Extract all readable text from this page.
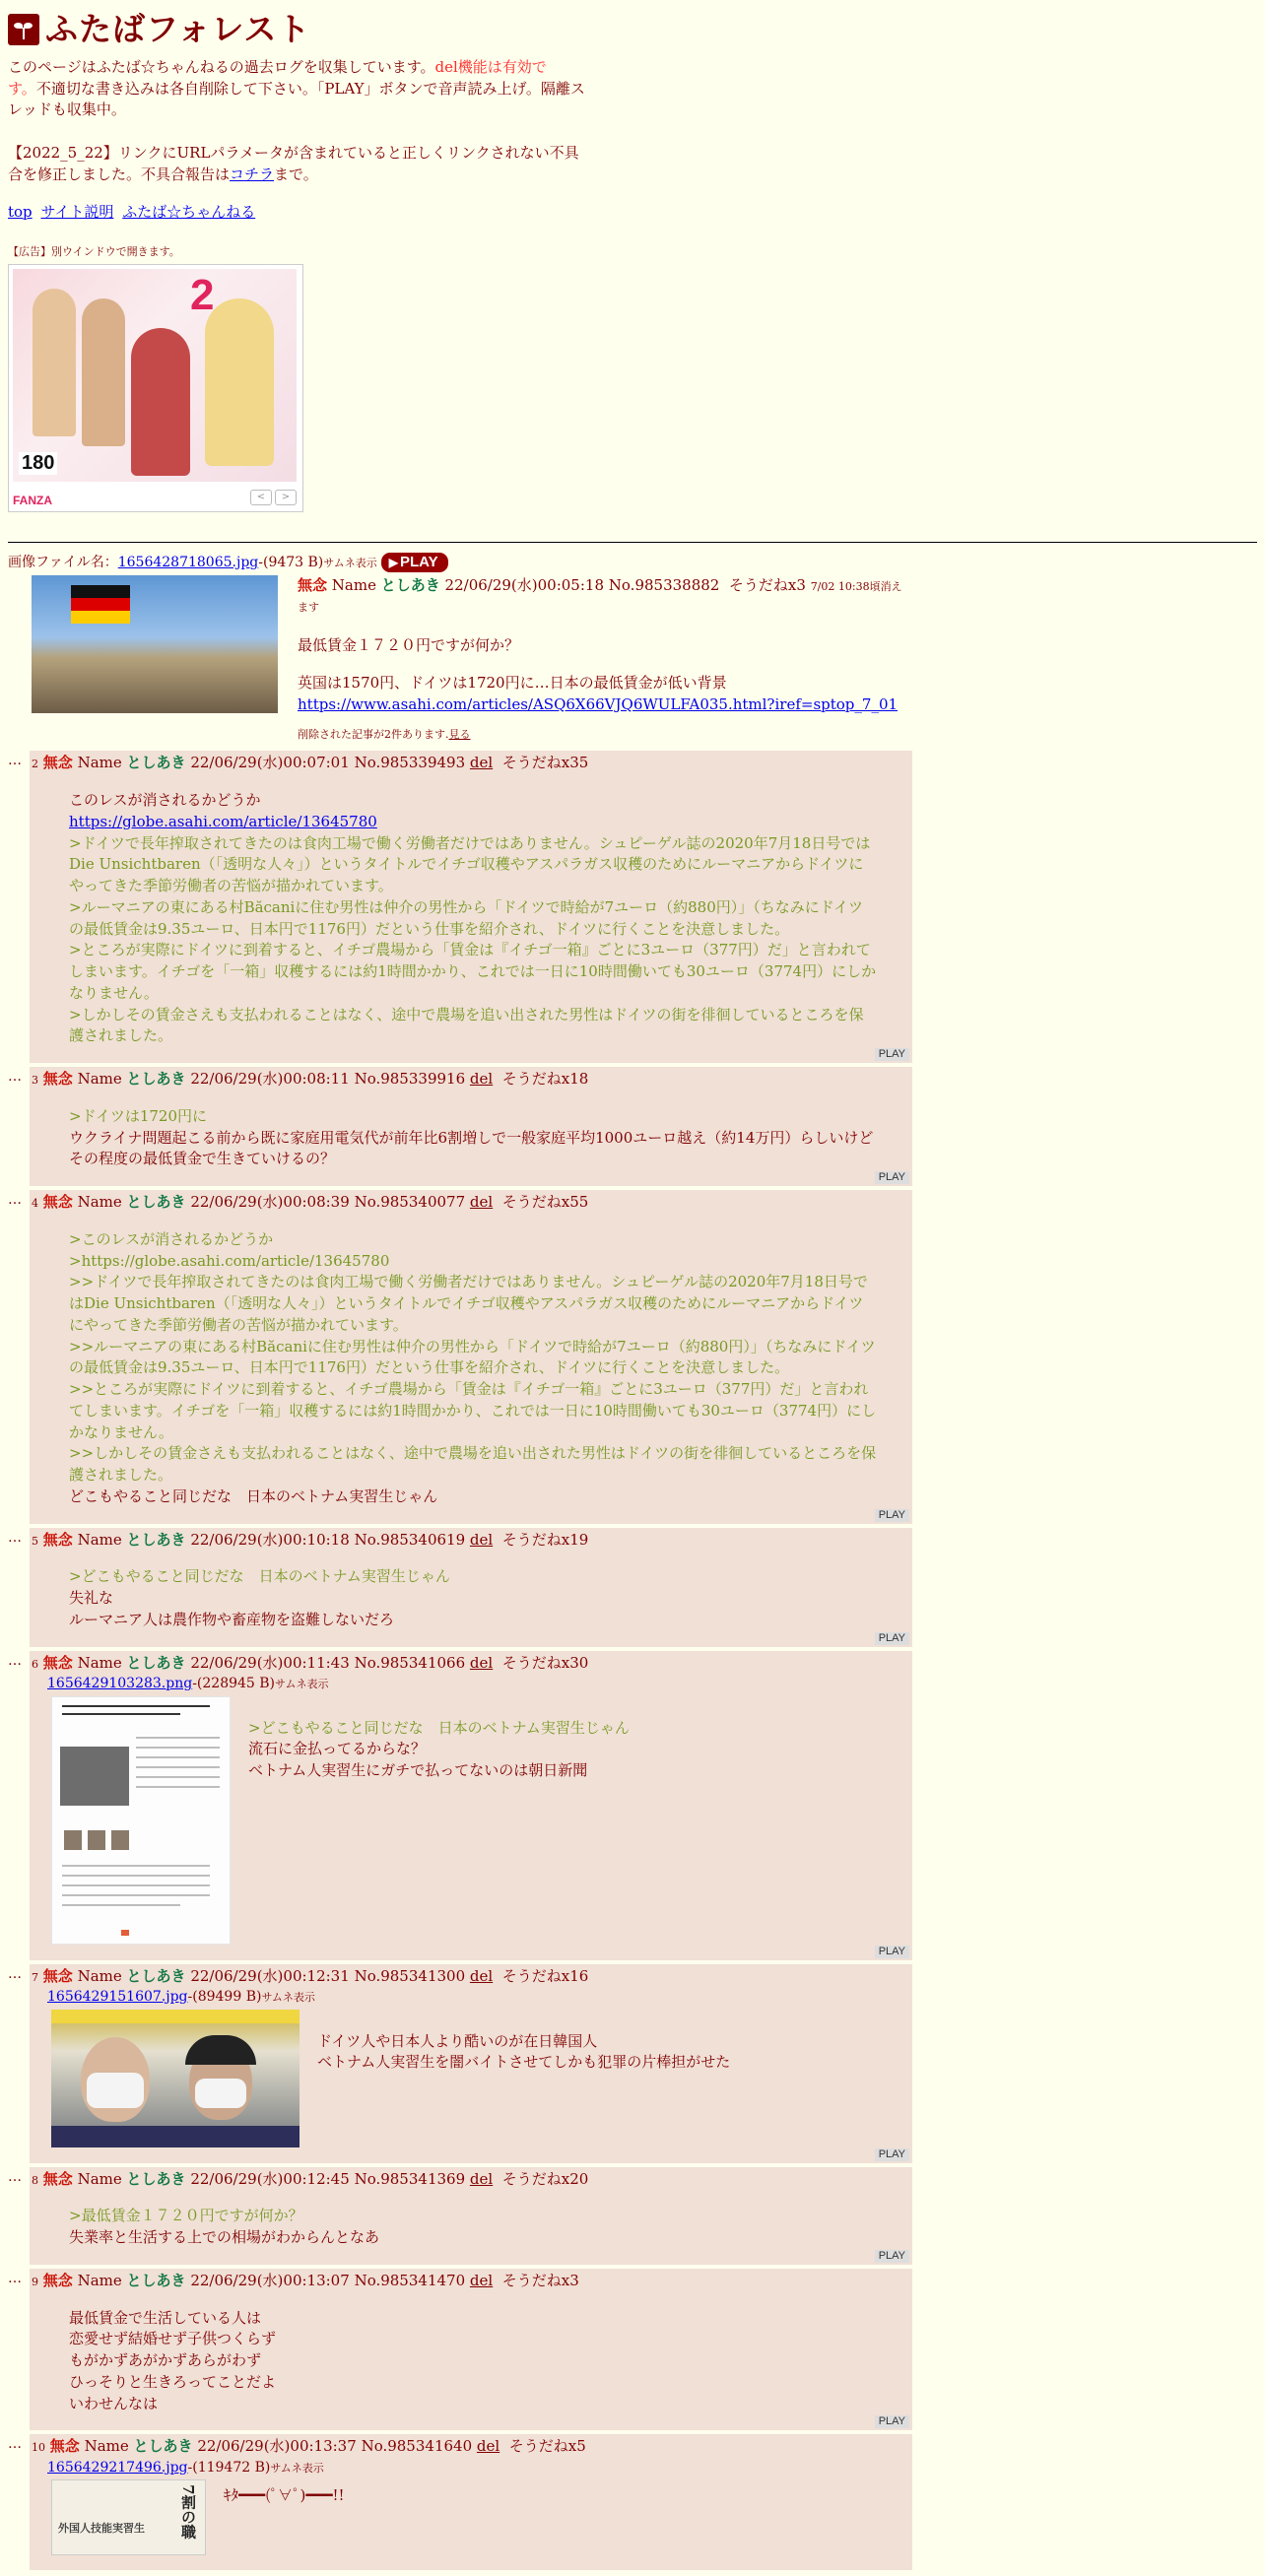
ふたばフォレスト
このページはふたば☆ちゃんねるの過去ログを収集しています。del機能は有効で
す。不適切な書き込みは各自削除して下さい。「PLAY」ボタンで音声読み上げ。隔離スレッドも収集中。
【2022_5_22】リンクにURLパラメータが含まれていると正しくリンクされない不具合を修正しました。不具合報告はコチラまで。
top サイト説明 ふたば☆ちゃんねる
【広告】別ウインドウで開きます。
2
180
FANZA	<	>
画像ファイル名：1656428718065.jpg-(9473 B)サムネ表示▶ PLAY
無念 Name としあき 22/06/29(水)00:05:18 No.985338882 そうだねx3 7/02 10:38頃消えます
最低賃金１７２０円ですが何か？
英国は1570円、ドイツは1720円に…日本の最低賃金が低い背景
https://www.asahi.com/articles/ASQ6X66VJQ6WULFA035.html?iref=sptop_7_01
削除された記事が2件あります.見る
… 2 無念 Name としあき 22/06/29(水)00:07:01 No.985339493 del そうだねx35
このレスが消されるかどうか
https://globe.asahi.com/article/13645780
>ドイツで長年搾取されてきたのは食肉工場で働く労働者だけではありません。シュピーゲル誌の2020年7月18日号ではDie Unsichtbaren（「透明な人々」）というタイトルでイチゴ収穫やアスパラガス収穫のためにルーマニアからドイツにやってきた季節労働者の苦悩が描かれています。
>ルーマニアの東にある村Băcaniに住む男性は仲介の男性から「ドイツで時給が7ユーロ（約880円）」（ちなみにドイツの最低賃金は9.35ユーロ、日本円で1176円）だという仕事を紹介され、ドイツに行くことを決意しました。
>ところが実際にドイツに到着すると、イチゴ農場から「賃金は『イチゴ一箱』ごとに3ユーロ（377円）だ」と言われてしまいます。イチゴを「一箱」収穫するには約1時間かかり、これでは一日に10時間働いても30ユーロ（3774円）にしかなりません。
>しかしその賃金さえも支払われることはなく、途中で農場を追い出された男性はドイツの街を徘徊しているところを保護されました。
PLAY
… 3 無念 Name としあき 22/06/29(水)00:08:11 No.985339916 del そうだねx18
>ドイツは1720円に
ウクライナ問題起こる前から既に家庭用電気代が前年比6割増しで一般家庭平均1000ユーロ越え（約14万円）らしいけどその程度の最低賃金で生きていけるの？
PLAY
… 4 無念 Name としあき 22/06/29(水)00:08:39 No.985340077 del そうだねx55
>このレスが消されるかどうか
>https://globe.asahi.com/article/13645780
>>ドイツで長年搾取されてきたのは食肉工場で働く労働者だけではありません。シュピーゲル誌の2020年7月18日号ではDie Unsichtbaren（「透明な人々」）というタイトルでイチゴ収穫やアスパラガス収穫のためにルーマニアからドイツにやってきた季節労働者の苦悩が描かれています。
>>ルーマニアの東にある村Băcaniに住む男性は仲介の男性から「ドイツで時給が7ユーロ（約880円）」（ちなみにドイツの最低賃金は9.35ユーロ、日本円で1176円）だという仕事を紹介され、ドイツに行くことを決意しました。
>>ところが実際にドイツに到着すると、イチゴ農場から「賃金は『イチゴ一箱』ごとに3ユーロ（377円）だ」と言われてしまいます。イチゴを「一箱」収穫するには約1時間かかり、これでは一日に10時間働いても30ユーロ（3774円）にしかなりません。
>>しかしその賃金さえも支払われることはなく、途中で農場を追い出された男性はドイツの街を徘徊しているところを保護されました。
どこもやること同じだな　日本のベトナム実習生じゃん
PLAY
… 5 無念 Name としあき 22/06/29(水)00:10:18 No.985340619 del そうだねx19
>どこもやること同じだな　日本のベトナム実習生じゃん
失礼な
ルーマニア人は農作物や畜産物を盗難しないだろ
PLAY
… 6 無念 Name としあき 22/06/29(水)00:11:43 No.985341066 del そうだねx30
1656429103283.png-(228945 B)サムネ表示
>どこもやること同じだな　日本のベトナム実習生じゃん
流石に金払ってるからな？
ベトナム人実習生にガチで払ってないのは朝日新聞
PLAY
… 7 無念 Name としあき 22/06/29(水)00:12:31 No.985341300 del そうだねx16
1656429151607.jpg-(89499 B)サムネ表示
ドイツ人や日本人より酷いのが在日韓国人
ベトナム人実習生を闇バイトさせてしかも犯罪の片棒担がせた
PLAY
… 8 無念 Name としあき 22/06/29(水)00:12:45 No.985341369 del そうだねx20
>最低賃金１７２０円ですが何か？
失業率と生活する上での相場がわからんとなあ
PLAY
… 9 無念 Name としあき 22/06/29(水)00:13:07 No.985341470 del そうだねx3
最低賃金で生活している人は
恋愛せず結婚せず子供つくらず
もがかずあがかずあらがわず
ひっそりと生きろってことだよ
いわせんなは
PLAY
… 10 無念 Name としあき 22/06/29(水)00:13:37 No.985341640 del そうだねx5
1656429217496.jpg-(119472 B)サムネ表示
7割の職
外国人技能実習生
ｷﾀ━━━(ﾟ∀ﾟ)━━━!!
